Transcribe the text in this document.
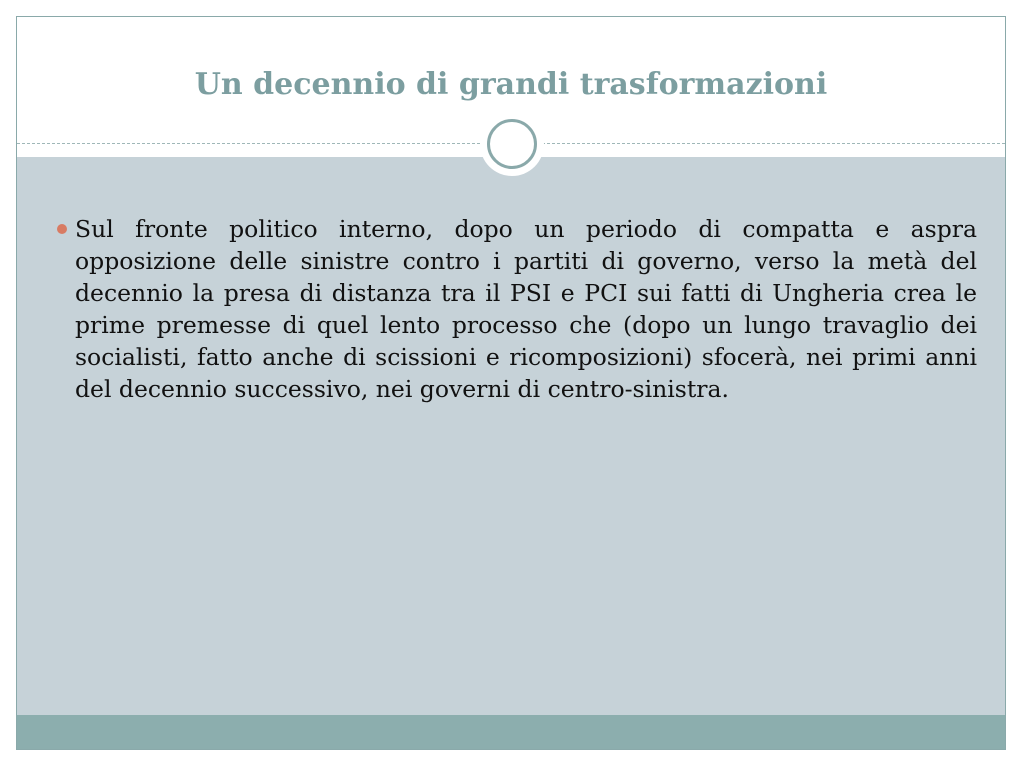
Un decennio di grandi trasformazioni
Sul fronte politico interno, dopo un periodo di compatta e aspra opposizione delle sinistre contro i partiti di governo, verso la metà del decennio la presa di distanza tra il PSI e PCI sui fatti di Ungheria crea le prime premesse di quel lento processo che (dopo un lungo travaglio dei socialisti, fatto anche di scissioni e ricomposizioni) sfocerà, nei primi anni del decennio successivo, nei governi di centro-sinistra.
